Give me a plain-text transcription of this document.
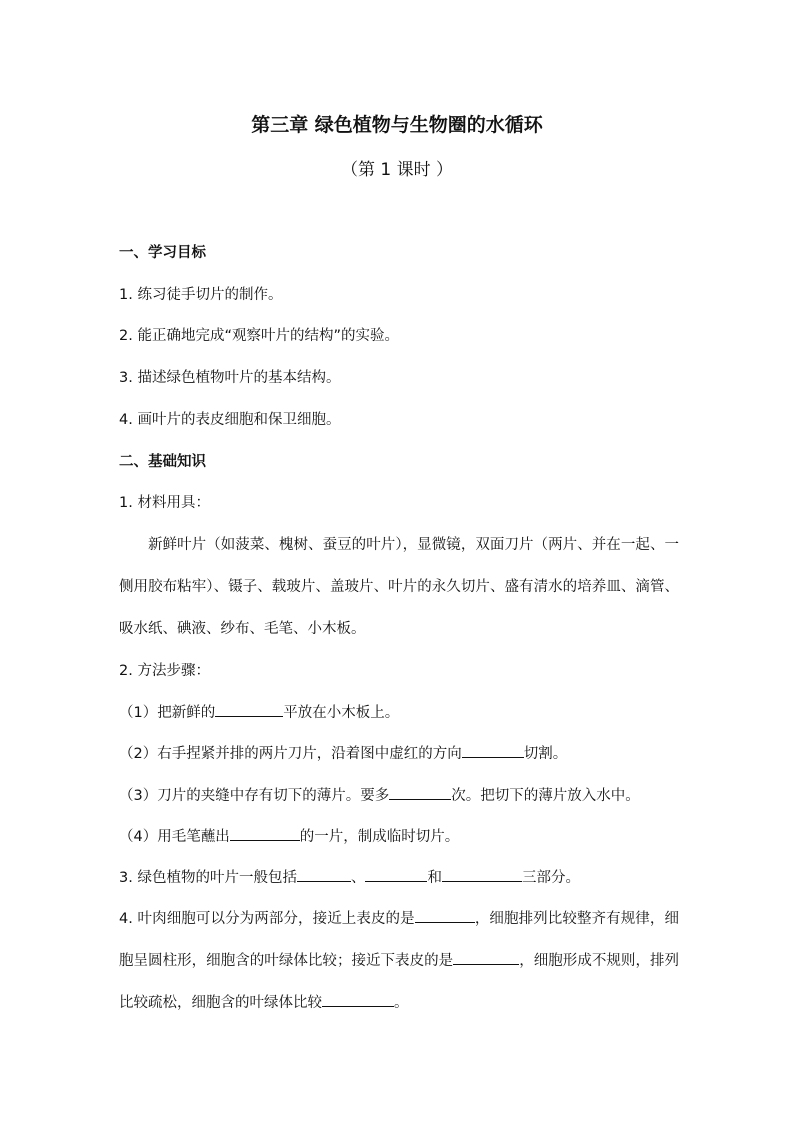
第三章 绿色植物与生物圈的水循环
（第 1 课时 ）
一、学习目标
1. 练习徒手切片的制作。
2. 能正确地完成“观察叶片的结构”的实验。
3. 描述绿色植物叶片的基本结构。
4. 画叶片的表皮细胞和保卫细胞。
二、基础知识
1. 材料用具：
新鲜叶片（如菠菜、槐树、蚕豆的叶片），显微镜，双面刀片（两片、并在一起、一侧用胶布粘牢）、镊子、载玻片、盖玻片、叶片的永久切片、盛有清水的培养皿、滴管、吸水纸、碘液、纱布、毛笔、小木板。
2. 方法步骤：
（1）把新鲜的	平放在小木板上。
（2）右手捏紧并排的两片刀片，沿着图中虚红的方向	切割。
（3）刀片的夹缝中存有切下的薄片。要多	次。把切下的薄片放入水中。
（4）用毛笔蘸出	的一片，制成临时切片。
3. 绿色植物的叶片一般包括	、	和	三部分。
4. 叶肉细胞可以分为两部分，接近上表皮的是	，细胞排列比较整齐有规律，细胞呈圆柱形，细胞含的叶绿体比较；接近下表皮的是	，细胞形成不规则，排列比较疏松，细胞含的叶绿体比较	。
